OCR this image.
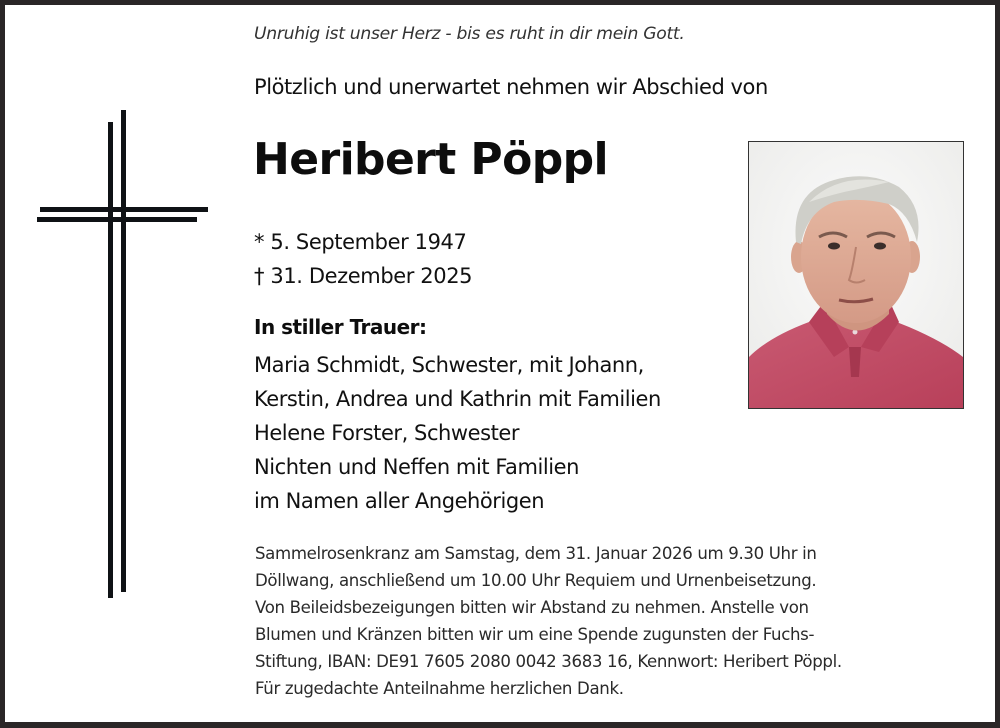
Unruhig ist unser Herz - bis es ruht in dir mein Gott.
Plötzlich und unerwartet nehmen wir Abschied von
Heribert Pöppl
* 5. September 1947
† 31. Dezember 2025
In stiller Trauer:
Maria Schmidt, Schwester, mit Johann,
Kerstin, Andrea und Kathrin mit Familien
Helene Forster, Schwester
Nichten und Neffen mit Familien
im Namen aller Angehörigen
Sammelrosenkranz am Samstag, dem 31. Januar 2026 um 9.30 Uhr in
Döllwang, anschließend um 10.00 Uhr Requiem und Urnenbeisetzung.
Von Beileidsbezeigungen bitten wir Abstand zu nehmen. Anstelle von
Blumen und Kränzen bitten wir um eine Spende zugunsten der Fuchs-
Stiftung, IBAN: DE91 7605 2080 0042 3683 16, Kennwort: Heribert Pöppl.
Für zugedachte Anteilnahme herzlichen Dank.
